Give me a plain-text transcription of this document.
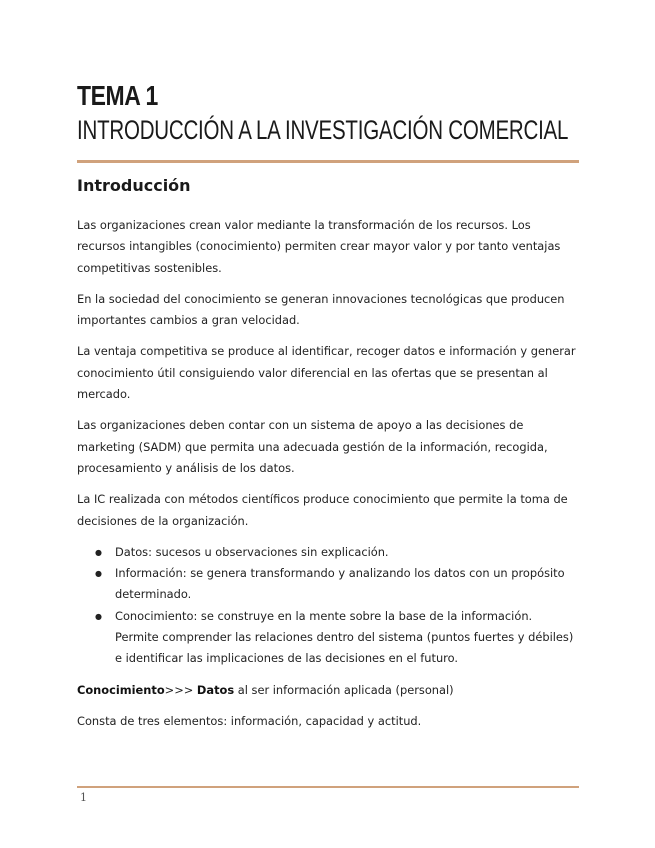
TEMA 1
INTRODUCCIÓN A LA INVESTIGACIÓN COMERCIAL
Introducción

Las organizaciones crean valor mediante la transformación de los recursos. Los recursos intangibles (conocimiento) permiten crear mayor valor y por tanto ventajas competitivas sostenibles.

En la sociedad del conocimiento se generan innovaciones tecnológicas que producen importantes cambios a gran velocidad.

La ventaja competitiva se produce al identificar, recoger datos e información y generar conocimiento útil consiguiendo valor diferencial en las ofertas que se presentan al mercado.

Las organizaciones deben contar con un sistema de apoyo a las decisiones de marketing (SADM) que permita una adecuada gestión de la información, recogida, procesamiento y análisis de los datos.

La IC realizada con métodos científicos produce conocimiento que permite la toma de decisiones de la organización.

● Datos: sucesos u observaciones sin explicación.
● Información: se genera transformando y analizando los datos con un propósito determinado.
● Conocimiento: se construye en la mente sobre la base de la información. Permite comprender las relaciones dentro del sistema (puntos fuertes y débiles) e identificar las implicaciones de las decisiones en el futuro.

Conocimiento>>> Datos al ser información aplicada (personal)

Consta de tres elementos: información, capacidad y actitud.

1
